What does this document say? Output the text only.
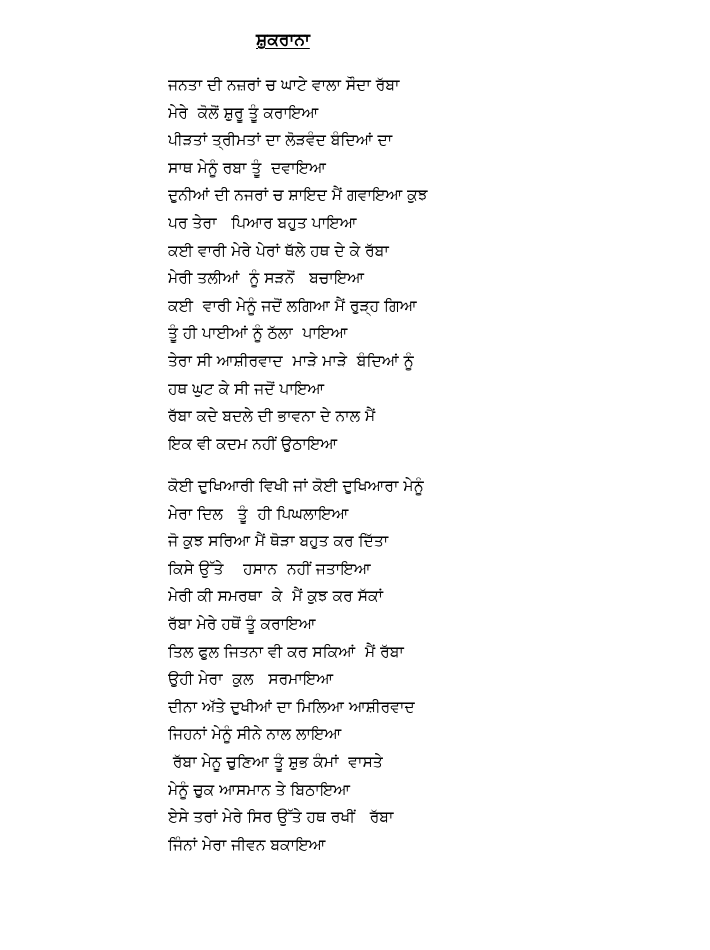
ਸ਼ੁਕਰਾਨਾ
ਜਨਤਾ ਦੀ ਨਜ਼ਰਾਂ ਚ ਘਾਟੇ ਵਾਲਾ ਸੌਦਾ ਰੱਬਾ
ਮੇਰੇ  ਕੋਲੋਂ ਸ਼ੁਰੂ ਤੂੰ ਕਰਾਇਆ
ਪੀੜਤਾਂ ਤ੍ਰੀਮਤਾਂ ਦਾ ਲੋੜਵੰਦ ਬੰਦਿਆਂ ਦਾ
ਸਾਥ ਮੇਨੂੰ ਰਬਾ ਤੂੰ  ਦਵਾਇਆ
ਦੁਨੀਆਂ ਦੀ ਨਜਰਾਂ ਚ ਸ਼ਾਇਦ ਮੈਂ ਗਵਾਇਆ ਕੁਝ
ਪਰ ਤੇਰਾ   ਪਿਆਰ ਬਹੁਤ ਪਾਇਆ
ਕਈ ਵਾਰੀ ਮੇਰੇ ਪੇਰਾਂ ਥੱਲੇ ਹਥ ਦੇ ਕੇ ਰੱਬਾ
ਮੇਰੀ ਤਲੀਆਂ  ਨੂੰ ਸੜਨੋਂ   ਬਚਾਇਆ
ਕਈ  ਵਾਰੀ ਮੇਨੂੰ ਜਦੋਂ ਲਗਿਆ ਮੈਂ ਰੁੜ੍ਹ ਗਿਆ
ਤੂੰ ਹੀ ਪਾਈਆਂ ਨੂੰ ਠੱਲਾ  ਪਾਇਆ
ਤੇਰਾ ਸੀ ਆਸ਼ੀਰਵਾਦ  ਮਾੜੇ ਮਾੜੇ  ਬੰਦਿਆਂ ਨੂੰ
ਹਥ ਘੁਟ ਕੇ ਸੀ ਜਦੋਂ ਪਾਇਆ
ਰੱਬਾ ਕਦੇ ਬਦਲੇ ਦੀ ਭਾਵਨਾ ਦੇ ਨਾਲ ਮੈਂ
ਇਕ ਵੀ ਕਦਮ ਨਹੀਂ ਉਠਾਇਆ
ਕੋਈ ਦੁਖਿਆਰੀ ਵਿਖੀ ਜਾਂ ਕੋਈ ਦੁਖਿਆਰਾ ਮੇਨੂੰ
ਮੇਰਾ ਦਿਲ   ਤੂੰ  ਹੀ ਪਿਘਲਾਇਆ
ਜੋ ਕੁਝ ਸਰਿਆ ਮੈਂ ਥੋੜਾ ਬਹੁਤ ਕਰ ਦਿੱਤਾ
ਕਿਸੇ ਉੱਤੇ    ਹਸਾਨ  ਨਹੀਂ ਜਤਾਇਆ
ਮੇਰੀ ਕੀ ਸਮਰਥਾ  ਕੇ  ਮੈਂ ਕੁਝ ਕਰ ਸੱਕਾਂ
ਰੱਬਾ ਮੇਰੇ ਹਥੋਂ ਤੂੰ ਕਰਾਇਆ
ਤਿਲ ਫੁਲ ਜਿਤਨਾ ਵੀ ਕਰ ਸਕਿਆਂ  ਮੈਂ ਰੱਬਾ
ਉਹੀ ਮੇਰਾ  ਕੁਲ   ਸਰਮਾਇਆ
ਦੀਨਾ ਅੱਤੇ ਦੁਖੀਆਂ ਦਾ ਮਿਲਿਆ ਆਸ਼ੀਰਵਾਦ
ਜਿਹਨਾਂ ਮੇਨੂੰ ਸੀਨੇ ਨਾਲ ਲਾਇਆ
ਰੱਬਾ ਮੇਨੂ ਚੁਣਿਆ ਤੂੰ ਸ਼ੁਭ ਕੰਮਾਂ  ਵਾਸਤੇ
ਮੇਨੂੰ ਚੁਕ ਆਸਮਾਨ ਤੇ ਬਿਠਾਇਆ
ਏਸੇ ਤਰਾਂ ਮੇਰੇ ਸਿਰ ਉੱਤੇ ਹਥ ਰਖੀਂ   ਰੱਬਾ
ਜਿੰਨਾਂ ਮੇਰਾ ਜੀਵਨ ਬਕਾਇਆ
